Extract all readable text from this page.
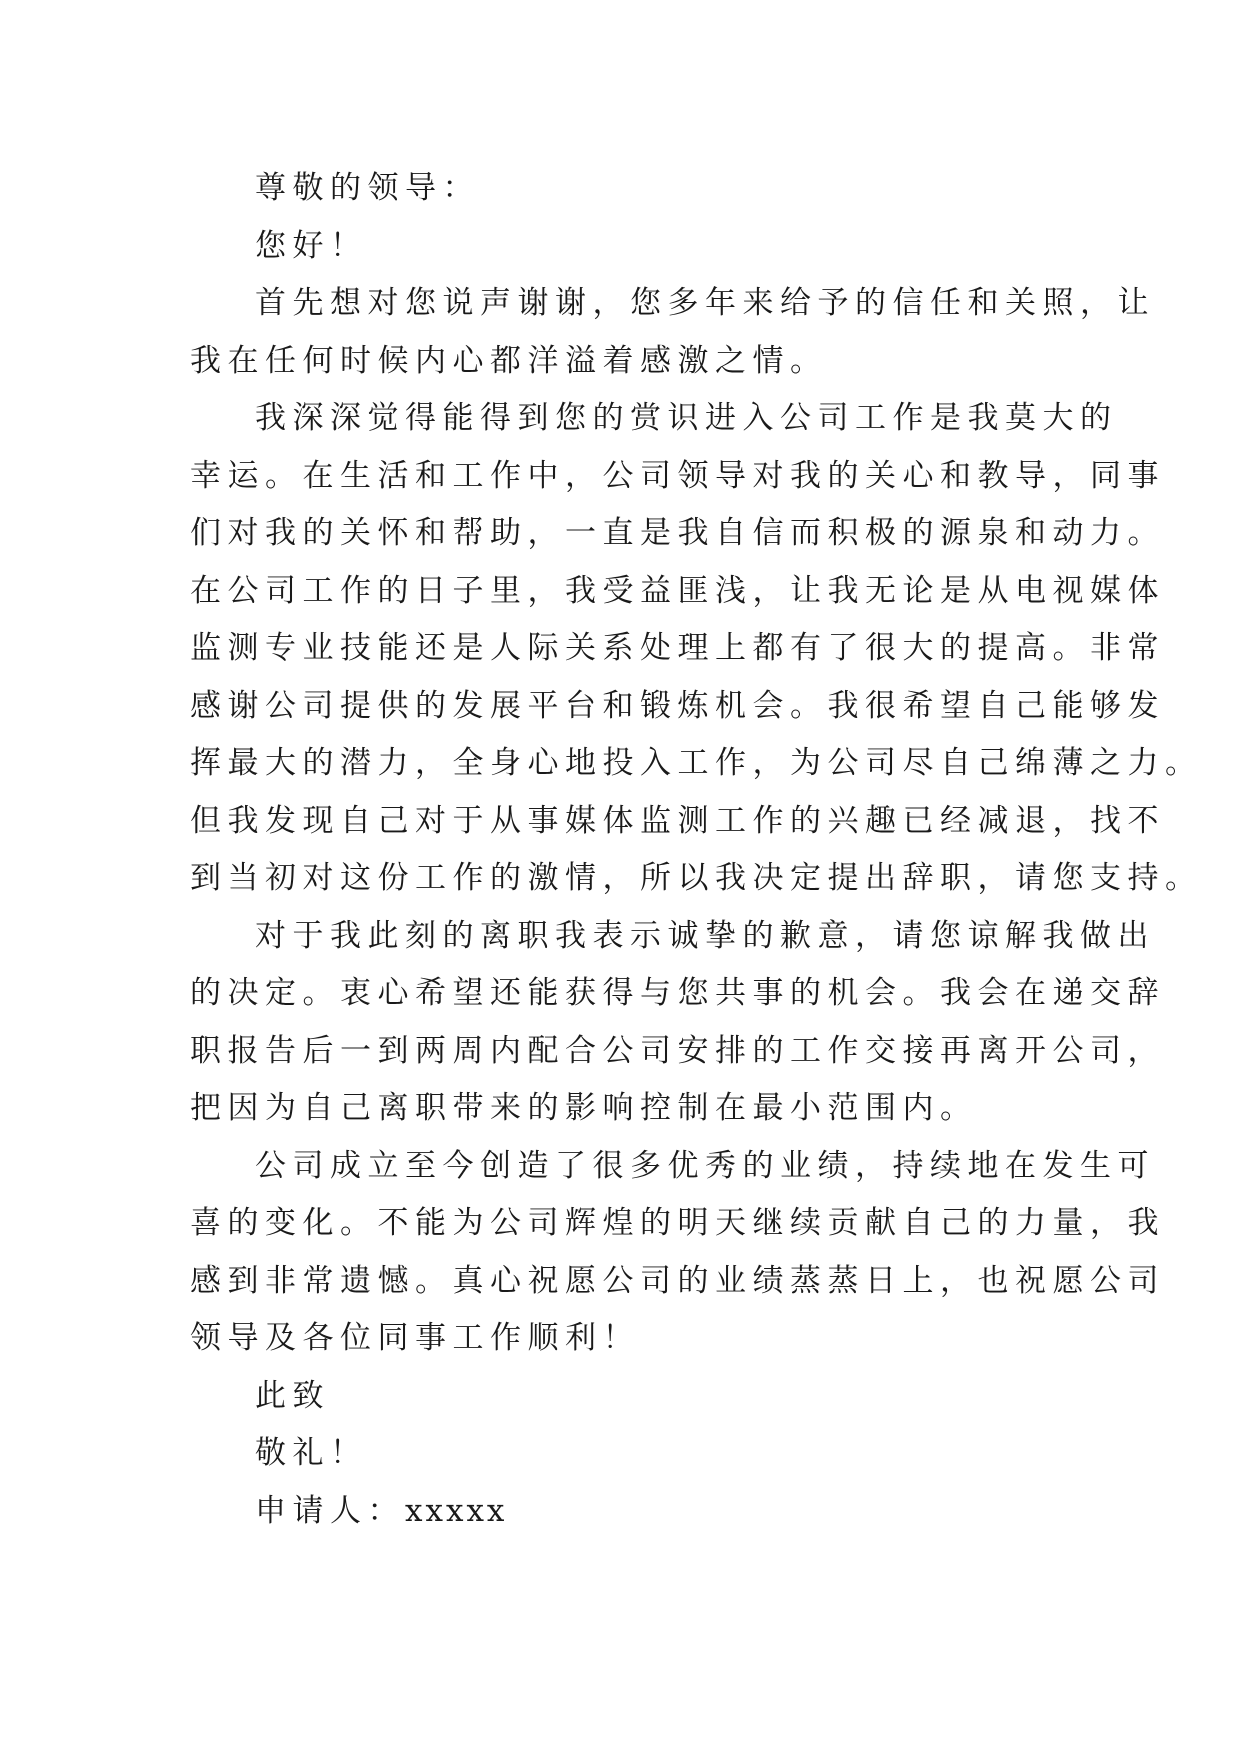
尊敬的领导：
您好！
首先想对您说声谢谢，您多年来给予的信任和关照，让
我在任何时候内心都洋溢着感激之情。
我深深觉得能得到您的赏识进入公司工作是我莫大的
幸运。在生活和工作中，公司领导对我的关心和教导，同事
们对我的关怀和帮助，一直是我自信而积极的源泉和动力。
在公司工作的日子里，我受益匪浅，让我无论是从电视媒体
监测专业技能还是人际关系处理上都有了很大的提高。非常
感谢公司提供的发展平台和锻炼机会。我很希望自己能够发
挥最大的潜力，全身心地投入工作，为公司尽自己绵薄之力。
但我发现自己对于从事媒体监测工作的兴趣已经减退，找不
到当初对这份工作的激情，所以我决定提出辞职，请您支持。
对于我此刻的离职我表示诚挚的歉意，请您谅解我做出
的决定。衷心希望还能获得与您共事的机会。我会在递交辞
职报告后一到两周内配合公司安排的工作交接再离开公司，
把因为自己离职带来的影响控制在最小范围内。
公司成立至今创造了很多优秀的业绩，持续地在发生可
喜的变化。不能为公司辉煌的明天继续贡献自己的力量，我
感到非常遗憾。真心祝愿公司的业绩蒸蒸日上，也祝愿公司
领导及各位同事工作顺利！
此致
敬礼！
申请人：xxxxx
